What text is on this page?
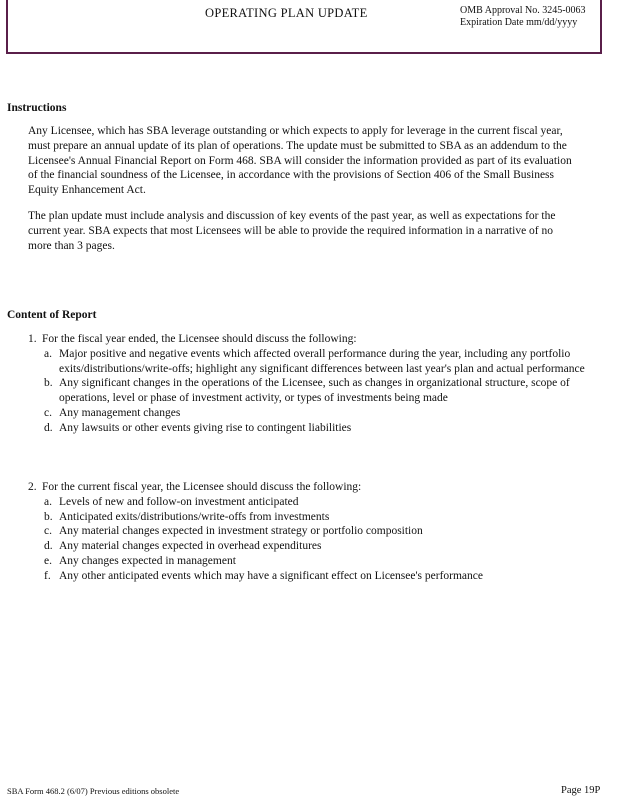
OPERATING PLAN UPDATE	OMB Approval No. 3245-0063
Expiration Date mm/dd/yyyy
Instructions

Any Licensee, which has SBA leverage outstanding or which expects to apply for leverage in the current fiscal year, must prepare an annual update of its plan of operations. The update must be submitted to SBA as an addendum to the Licensee's Annual Financial Report on Form 468. SBA will consider the information provided as part of its evaluation of the financial soundness of the Licensee, in accordance with the provisions of Section 406 of the Small Business Equity Enhancement Act.

The plan update must include analysis and discussion of key events of the past year, as well as expectations for the current year. SBA expects that most Licensees will be able to provide the required information in a narrative of no more than 3 pages.

Content of Report
1. For the fiscal year ended, the Licensee should discuss the following:
a. Major positive and negative events which affected overall performance during the year, including any portfolio exits/distributions/write-offs; highlight any significant differences between last year's plan and actual performance
b. Any significant changes in the operations of the Licensee, such as changes in organizational structure, scope of operations, level or phase of investment activity, or types of investments being made
c. Any management changes
d. Any lawsuits or other events giving rise to contingent liabilities
2. For the current fiscal year, the Licensee should discuss the following:
a. Levels of new and follow-on investment anticipated
b. Anticipated exits/distributions/write-offs from investments
c. Any material changes expected in investment strategy or portfolio composition
d. Any material changes expected in overhead expenditures
e. Any changes expected in management
f. Any other anticipated events which may have a significant effect on Licensee's performance
SBA Form 468.2 (6/07) Previous editions obsolete	Page 19P
